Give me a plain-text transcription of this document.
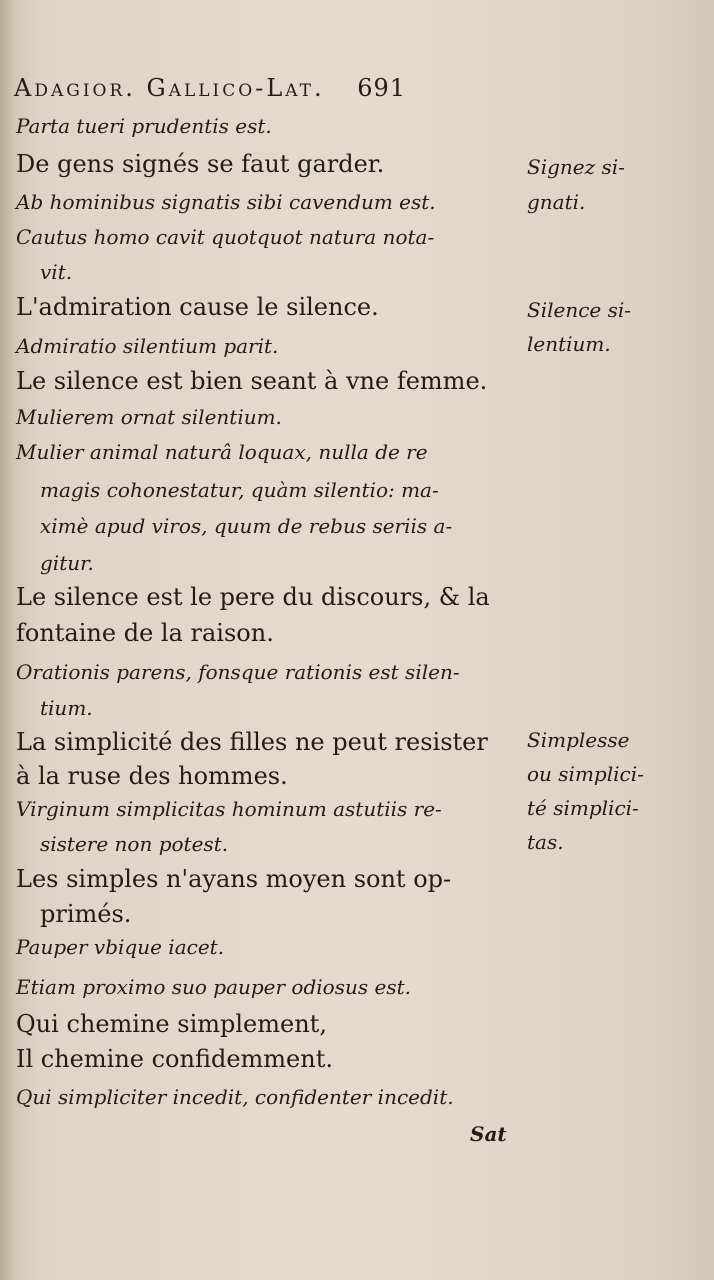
Adagior. Gallico-Lat. 691
Parta tueri prudentis est.
De gens signés se faut garder.
Ab hominibus signatis sibi cavendum est.
Cautus homo cavit quotquot natura nota-
vit.
L'admiration cause le silence.
Admiratio silentium parit.
Le silence est bien seant à vne femme.
Mulierem ornat silentium.
Mulier animal naturâ loquax, nulla de re
magis cohonestatur, quàm silentio: ma-
ximè apud viros, quum de rebus seriis a-
gitur.
Le silence est le pere du discours, & la
fontaine de la raison.
Orationis parens, fonsque rationis est silen-
tium.
La simplicité des filles ne peut resister
à la ruse des hommes.
Virginum simplicitas hominum astutiis re-
sistere non potest.
Les simples n'ayans moyen sont op-
primés.
Pauper vbique iacet.
Etiam proximo suo pauper odiosus est.
Qui chemine simplement,
Il chemine confidemment.
Qui simpliciter incedit, confidenter incedit.
Signez si-
gnati.
Silence si-
lentium.
Simplesse
ou simplici-
té simplici-
tas.
Sat
